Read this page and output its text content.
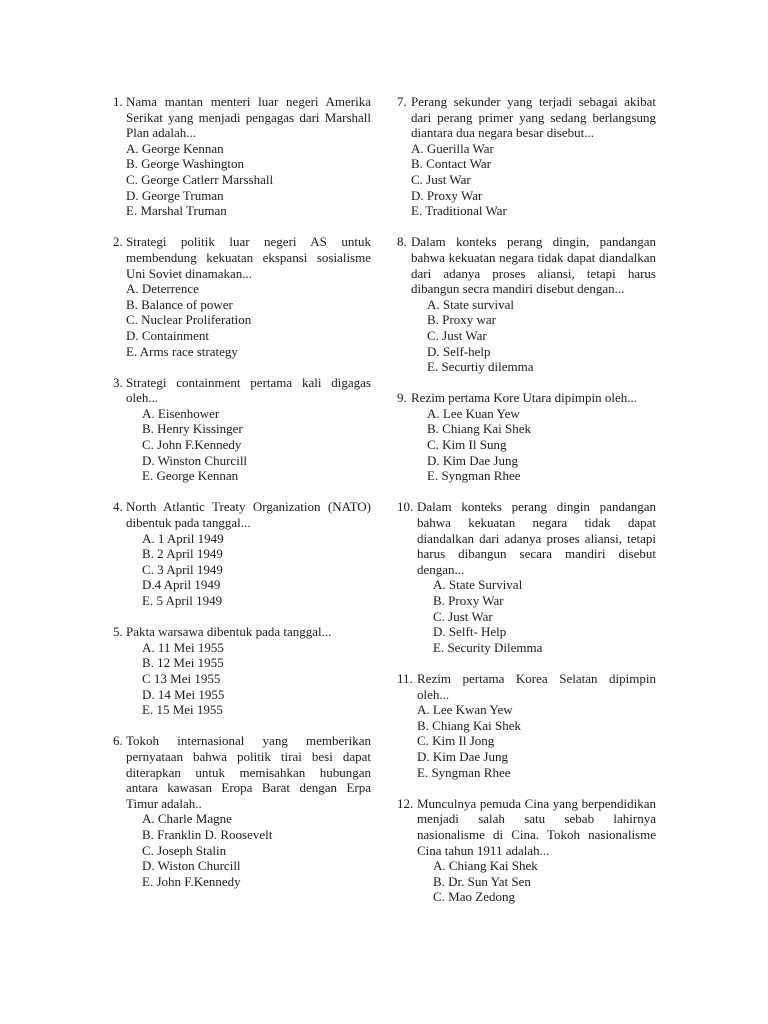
1. Nama mantan menteri luar negeri Amerika Serikat yang menjadi pengagas dari Marshall Plan adalah...
A. George Kennan
B. George Washington
C. George Catlerr Marsshall
D. George Truman
E. Marshal Truman
2. Strategi politik luar negeri AS untuk membendung kekuatan ekspansi sosialisme Uni Soviet dinamakan...
A. Deterrence
B. Balance of power
C. Nuclear Proliferation
D. Containment
E. Arms race strategy
3. Strategi containment pertama kali digagas oleh...
A. Eisenhower
B. Henry Kissinger
C. John F.Kennedy
D. Winston Churcill
E. George Kennan
4. North Atlantic Treaty Organization (NATO) dibentuk pada tanggal...
A. 1 April 1949
B. 2 April 1949
C. 3 April 1949
D.4 April 1949
E. 5 April 1949
5. Pakta warsawa dibentuk pada tanggal...
A. 11 Mei 1955
B. 12 Mei 1955
C 13 Mei 1955
D. 14 Mei 1955
E. 15 Mei 1955
6. Tokoh internasional yang memberikan pernyataan bahwa politik tirai besi dapat diterapkan untuk memisahkan hubungan antara kawasan Eropa Barat dengan Erpa Timur adalah..
A. Charle Magne
B. Franklin D. Roosevelt
C. Joseph Stalin
D. Wiston Churcill
E. John F.Kennedy
7. Perang sekunder yang terjadi sebagai akibat dari perang primer yang sedang berlangsung diantara dua negara besar disebut...
A. Guerilla War
B. Contact War
C. Just War
D. Proxy War
E. Traditional War
8. Dalam konteks perang dingin, pandangan bahwa kekuatan negara tidak dapat diandalkan dari adanya proses aliansi, tetapi harus dibangun secra mandiri disebut dengan...
A. State survival
B. Proxy war
C. Just War
D. Self-help
E. Securtiy dilemma
9. Rezim pertama Kore Utara dipimpin oleh...
A. Lee Kuan Yew
B. Chiang Kai Shek
C. Kim Il Sung
D. Kim Dae Jung
E. Syngman Rhee
10. Dalam konteks perang dingin pandangan bahwa kekuatan negara tidak dapat diandalkan dari adanya proses aliansi, tetapi harus dibangun secara mandiri disebut dengan...
A. State Survival
B. Proxy War
C. Just War
D. Selft- Help
E. Security Dilemma
11. Rezim pertama Korea Selatan dipimpin oleh...
A. Lee Kwan Yew
B. Chiang Kai Shek
C. Kim Il Jong
D. Kim Dae Jung
E. Syngman Rhee
12. Munculnya pemuda Cina yang berpendidikan menjadi salah satu sebab lahirnya nasionalisme di Cina. Tokoh nasionalisme Cina tahun 1911 adalah...
A. Chiang Kai Shek
B. Dr. Sun Yat Sen
C. Mao Zedong
